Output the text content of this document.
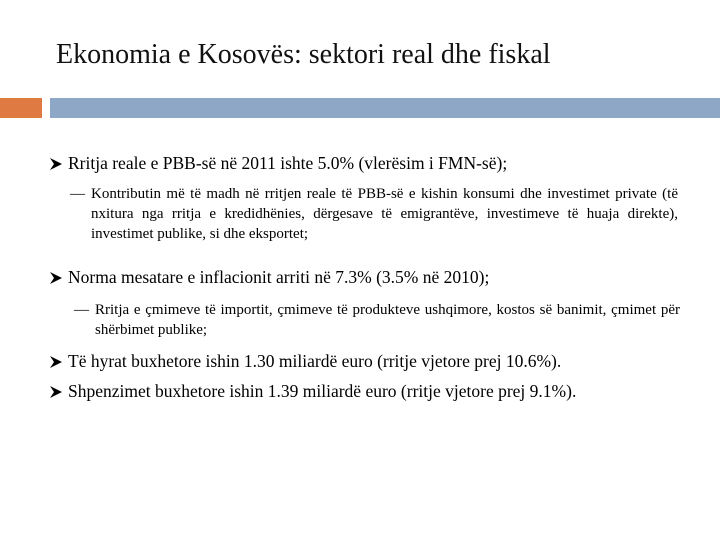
Ekonomia e Kosovës: sektori real dhe fiskal
Rritja reale e PBB-së në 2011 ishte 5.0% (vlerësim i FMN-së);
— Kontributin më të madh në rritjen reale të PBB-së e kishin konsumi dhe investimet private (të nxitura nga rritja e kredidhënies, dërgesave të emigrantëve, investimeve të huaja direkte), investimet publike, si dhe eksportet;
Norma mesatare e inflacionit arriti në 7.3% (3.5% në 2010);
— Rritja e çmimeve të importit, çmimeve të produkteve ushqimore, kostos së banimit, çmimet për shërbimet publike;
Të hyrat buxhetore ishin 1.30 miliardë euro (rritje vjetore prej 10.6%).
Shpenzimet buxhetore ishin 1.39 miliardë euro (rritje vjetore prej 9.1%).
